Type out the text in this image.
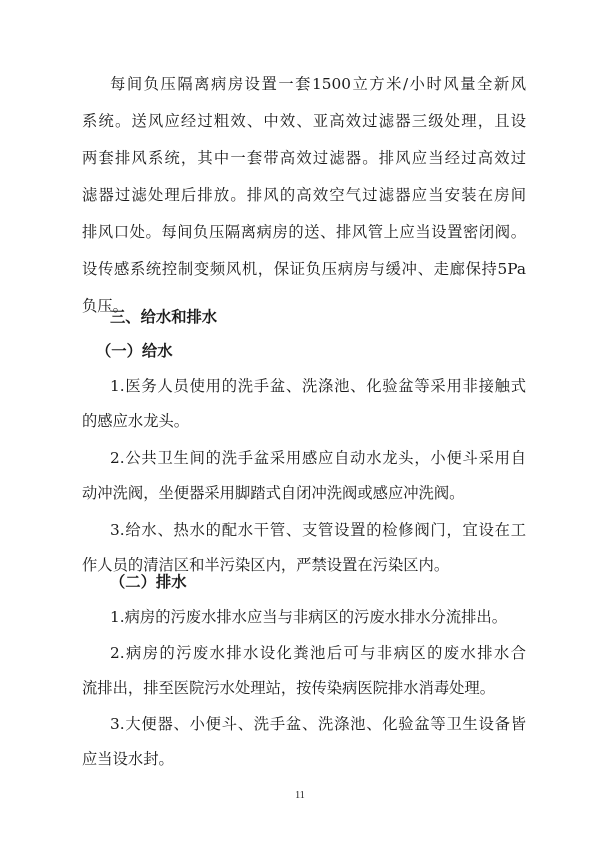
每间负压隔离病房设置一套1500立方米/小时风量全新风
系统。送风应经过粗效、中效、亚高效过滤器三级处理，且设
两套排风系统，其中一套带高效过滤器。排风应当经过高效过
滤器过滤处理后排放。排风的高效空气过滤器应当安装在房间
排风口处。每间负压隔离病房的送、排风管上应当设置密闭阀。
设传感系统控制变频风机，保证负压病房与缓冲、走廊保持5Pa
负压。
三、给水和排水
（一）给水
1.医务人员使用的洗手盆、洗涤池、化验盆等采用非接触式
的感应水龙头。
2.公共卫生间的洗手盆采用感应自动水龙头，小便斗采用自
动冲洗阀，坐便器采用脚踏式自闭冲洗阀或感应冲洗阀。
3.给水、热水的配水干管、支管设置的检修阀门，宜设在工
作人员的清洁区和半污染区内，严禁设置在污染区内。
（二）排水
1.病房的污废水排水应当与非病区的污废水排水分流排出。
2.病房的污废水排水设化粪池后可与非病区的废水排水合
流排出，排至医院污水处理站，按传染病医院排水消毒处理。
3.大便器、小便斗、洗手盆、洗涤池、化验盆等卫生设备皆
应当设水封。
11
